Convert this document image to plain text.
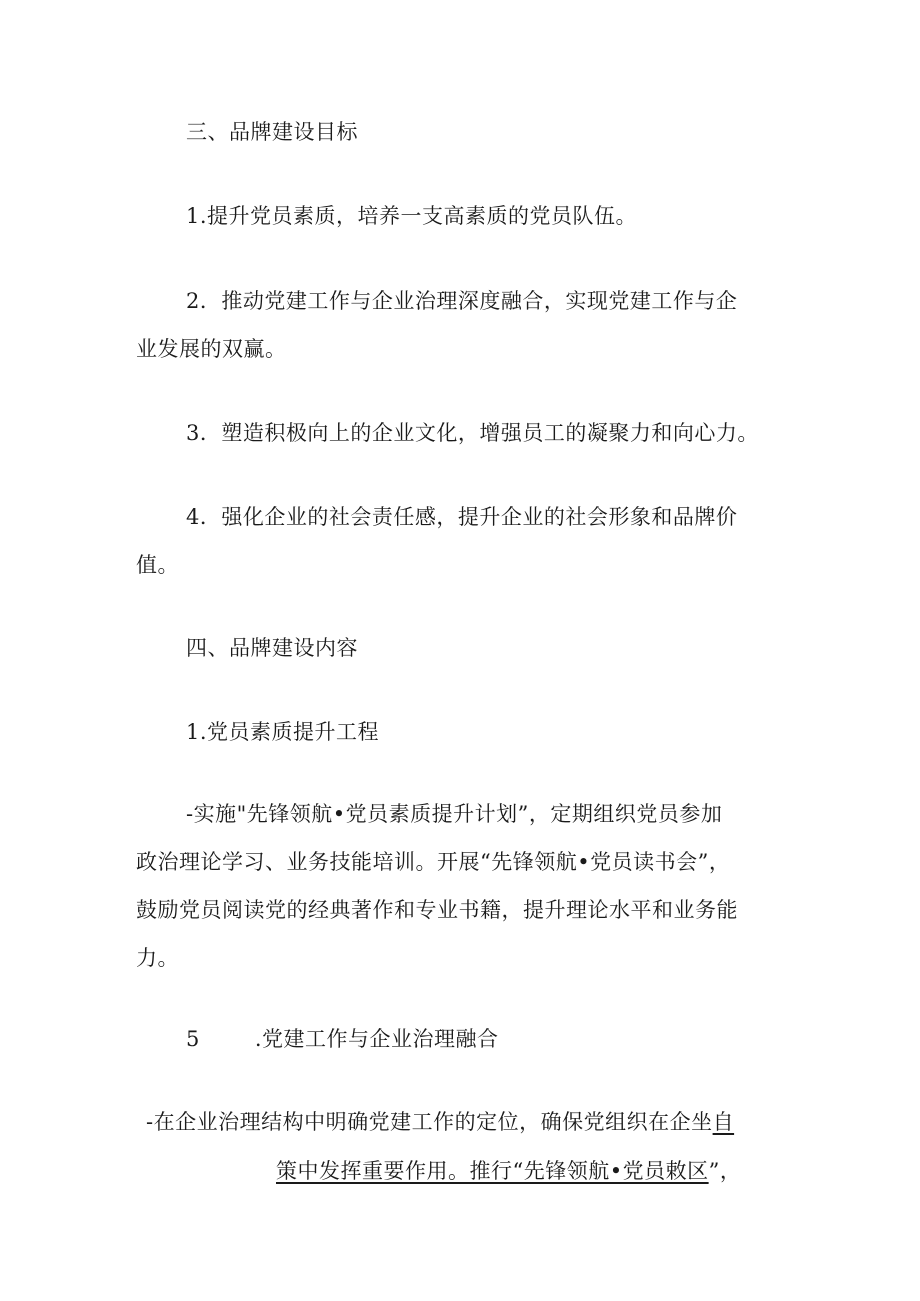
三、品牌建设目标
1.提升党员素质，培养一支高素质的党员队伍。
2．推动党建工作与企业治理深度融合，实现党建工作与企
业发展的双赢。
3．塑造积极向上的企业文化，增强员工的凝聚力和向心力。
4．强化企业的社会责任感，提升企业的社会形象和品牌价
值。
四、品牌建设内容
1.党员素质提升工程
-实施"先锋领航•党员素质提升计划”，定期组织党员参加
政治理论学习、业务技能培训。开展“先锋领航•党员读书会”，
鼓励党员阅读党的经典著作和专业书籍，提升理论水平和业务能
力。
5	.党建工作与企业治理融合
-在企业治理结构中明确党建工作的定位，确保党组织在企坐自
策中发挥重要作用。推行“先锋领航•党员敕区”，
